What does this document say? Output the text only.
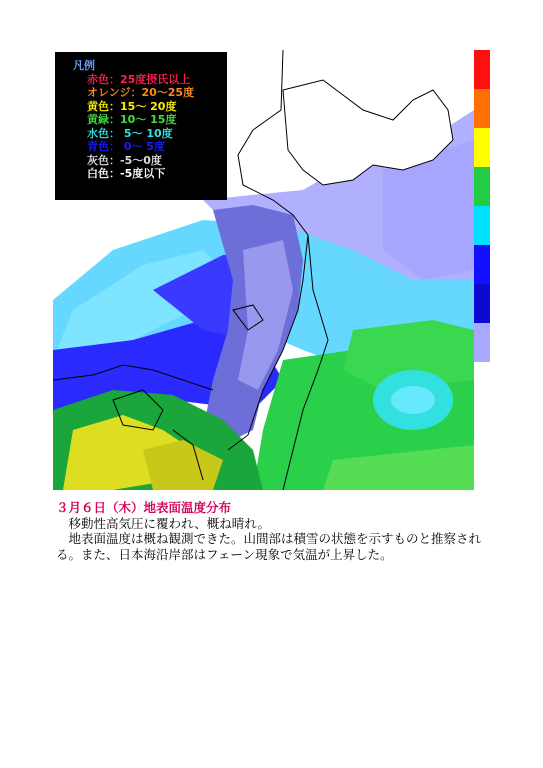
凡例
赤色：25度摂氏以上
オレンジ：20～25度
黄色：15～ 20度
黄緑：10～ 15度
水色： 5～ 10度
青色： 0～ 5度
灰色：-5～0度
白色：-5度以下

３月６日（木）地表面温度分布

移動性高気圧に覆われ、概ね晴れ。

地表面温度は概ね観測できた。山間部は積雪の状態を示すものと推察される。また、日本海沿岸部はフェーン現象で気温が上昇した。
